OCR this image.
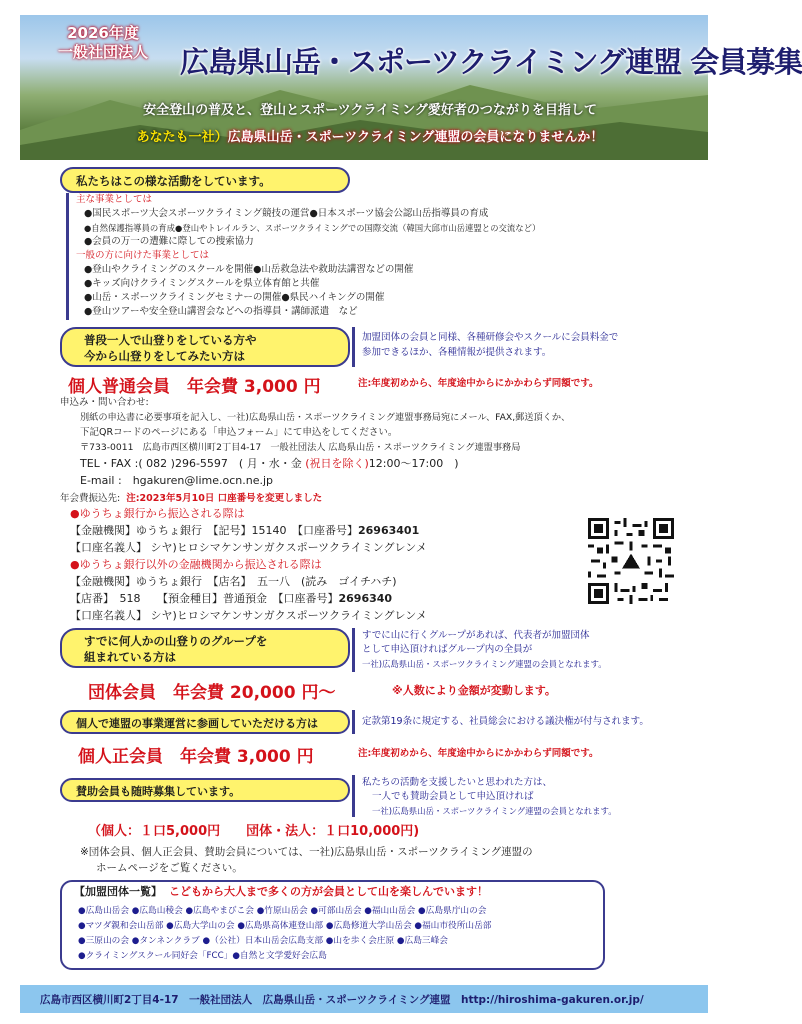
2026年度
一般社団法人	広島県山岳・スポーツクライミング連盟 会員募集
安全登山の普及と、登山とスポーツクライミング愛好者のつながりを目指して
あなたも一社）広島県山岳・スポーツクライミング連盟の会員になりませんか！
私たちはこの様な活動をしています。
主な事業としては
●国民スポーツ大会スポーツクライミング競技の運営●日本スポーツ協会公認山岳指導員の育成
●自然保護指導員の育成●登山やトレイルラン、スポーツクライミングでの国際交流（韓国大邱市山岳連盟との交流など）
●会員の万一の遭難に際しての捜索協力
一般の方に向けた事業としては
●登山やクライミングのスクールを開催●山岳救急法や救助法講習などの開催
●キッズ向けクライミングスクールを県立体育館と共催
●山岳・スポーツクライミングセミナーの開催●県民ハイキングの開催
●登山ツアーや安全登山講習会などへの指導員・講師派遣　など
普段一人で山登りをしている方や
今から山登りをしてみたい方は
加盟団体の会員と同様、各種研修会やスクールに会員料金で
参加できるほか、各種情報が提供されます。
個人普通会員　年会費 3,000 円	注:年度初めから、年度途中からにかかわらず同額です。
申込み・問い合わせ:
別紙の申込書に必要事項を記入し、一社)広島県山岳・スポーツクライミング連盟事務局宛にメール、FAX,郵送頂くか、
下記QRコードのページにある「申込フォーム」にて申込をしてください。
〒733-0011　広島市西区横川町2丁目4-17　一般社団法人 広島県山岳・スポーツクライミング連盟事務局
TEL・FAX :( 082 )296-5597　( 月・水・金 (祝日を除く)12:00～17:00　)
E-mail :　hgakuren@lime.ocn.ne.jp
年会費振込先: 注:2023年5月10日 口座番号を変更しました
●ゆうちょ銀行から振込される際は
【金融機関】ゆうちょ銀行　【記号】15140　【口座番号】26963401
【口座名義人】 シヤ)ヒロシマケンサンガクスポーツクライミングレンメ
●ゆうちょ銀行以外の金融機関から振込される際は
【金融機関】ゆうちょ銀行　【店名】　五一八　(読み　ゴイチハチ)
【店番】　518　　【預金種目】普通預金　【口座番号】2696340
【口座名義人】 シヤ)ヒロシマケンサンガクスポーツクライミングレンメ
すでに何人かの山登りのグループを
組まれている方は
すでに山に行くグループがあれば、代表者が加盟団体
として申込頂ければグループ内の全員が
一社)広島県山岳・スポーツクライミング連盟の会員となれます。
団体会員　年会費 20,000 円～	※人数により金額が変動します。
個人で連盟の事業運営に参画していただける方は	定款第19条に規定する、社員総会における議決権が付与されます。
個人正会員　年会費 3,000 円	注:年度初めから、年度途中からにかかわらず同額です。
賛助会員も随時募集しています。
私たちの活動を支援したいと思われた方は、
一人でも賛助会員として申込頂ければ
一社)広島県山岳・スポーツクライミング連盟の会員となれます。
（個人：１口5,000円　　団体・法人：１口10,000円)
※団体会員、個人正会員、賛助会員については、一社)広島県山岳・スポーツクライミング連盟の
ホームページをご覧ください。
【加盟団体一覧】 こどもから大人まで多くの方が会員として山を楽しんでいます！
●広島山岳会 ●広島山稜会 ●広島やまびこ会 ●竹原山岳会 ●可部山岳会 ●福山山岳会 ●広島県庁山の会
●マツダ親和会山岳部 ●広島大学山の会 ●広島県高体連登山部 ●広島修道大学山岳会 ●福山市役所山岳部
●三原山の会 ●タンネンクラブ ●（公社）日本山岳会広島支部 ●山を歩く会庄原 ●広島三峰会
●クライミングスクール同好会「FCC」●自然と文学愛好会広島
広島市西区横川町2丁目4-17　一般社団法人　広島県山岳・スポーツクライミング連盟　http://hiroshima-gakuren.or.jp/
